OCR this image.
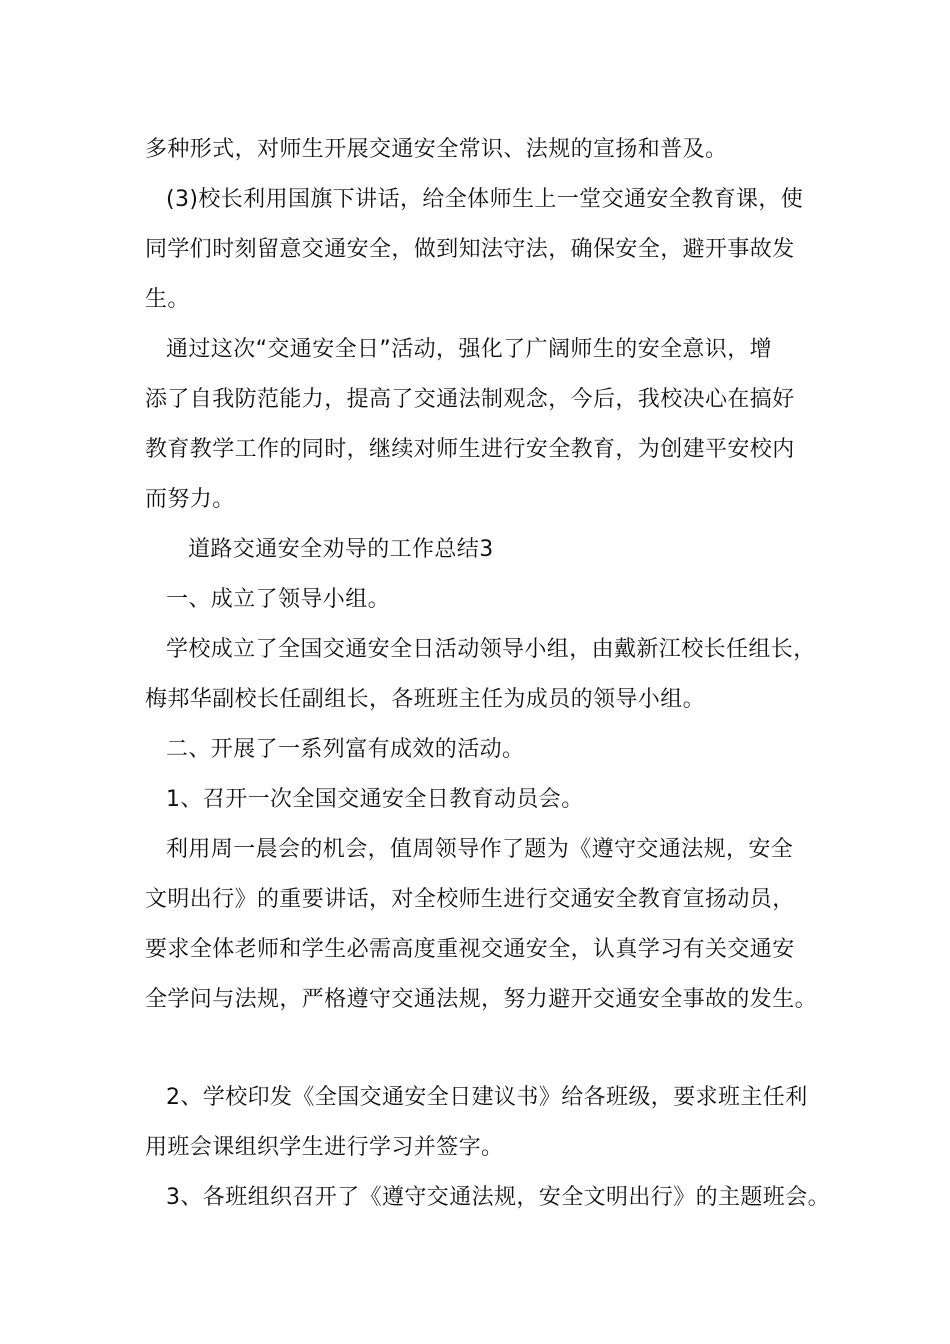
多种形式，对师生开展交通安全常识、法规的宣扬和普及。

(3)校长利用国旗下讲话，给全体师生上一堂交通安全教育课，使

同学们时刻留意交通安全，做到知法守法，确保安全，避开事故发

生。

通过这次“交通安全日”活动，强化了广阔师生的安全意识，增

添了自我防范能力，提高了交通法制观念，今后，我校决心在搞好

教育教学工作的同时，继续对师生进行安全教育，为创建平安校内

而努力。

道路交通安全劝导的工作总结3

一、成立了领导小组。

学校成立了全国交通安全日活动领导小组，由戴新江校长任组长，

梅邦华副校长任副组长，各班班主任为成员的领导小组。

二、开展了一系列富有成效的活动。

1、召开一次全国交通安全日教育动员会。

利用周一晨会的机会，值周领导作了题为《遵守交通法规，安全

文明出行》的重要讲话，对全校师生进行交通安全教育宣扬动员，

要求全体老师和学生必需高度重视交通安全，认真学习有关交通安

全学问与法规，严格遵守交通法规，努力避开交通安全事故的发生。

2、学校印发《全国交通安全日建议书》给各班级，要求班主任利

用班会课组织学生进行学习并签字。

3、各班组织召开了《遵守交通法规，安全文明出行》的主题班会。
